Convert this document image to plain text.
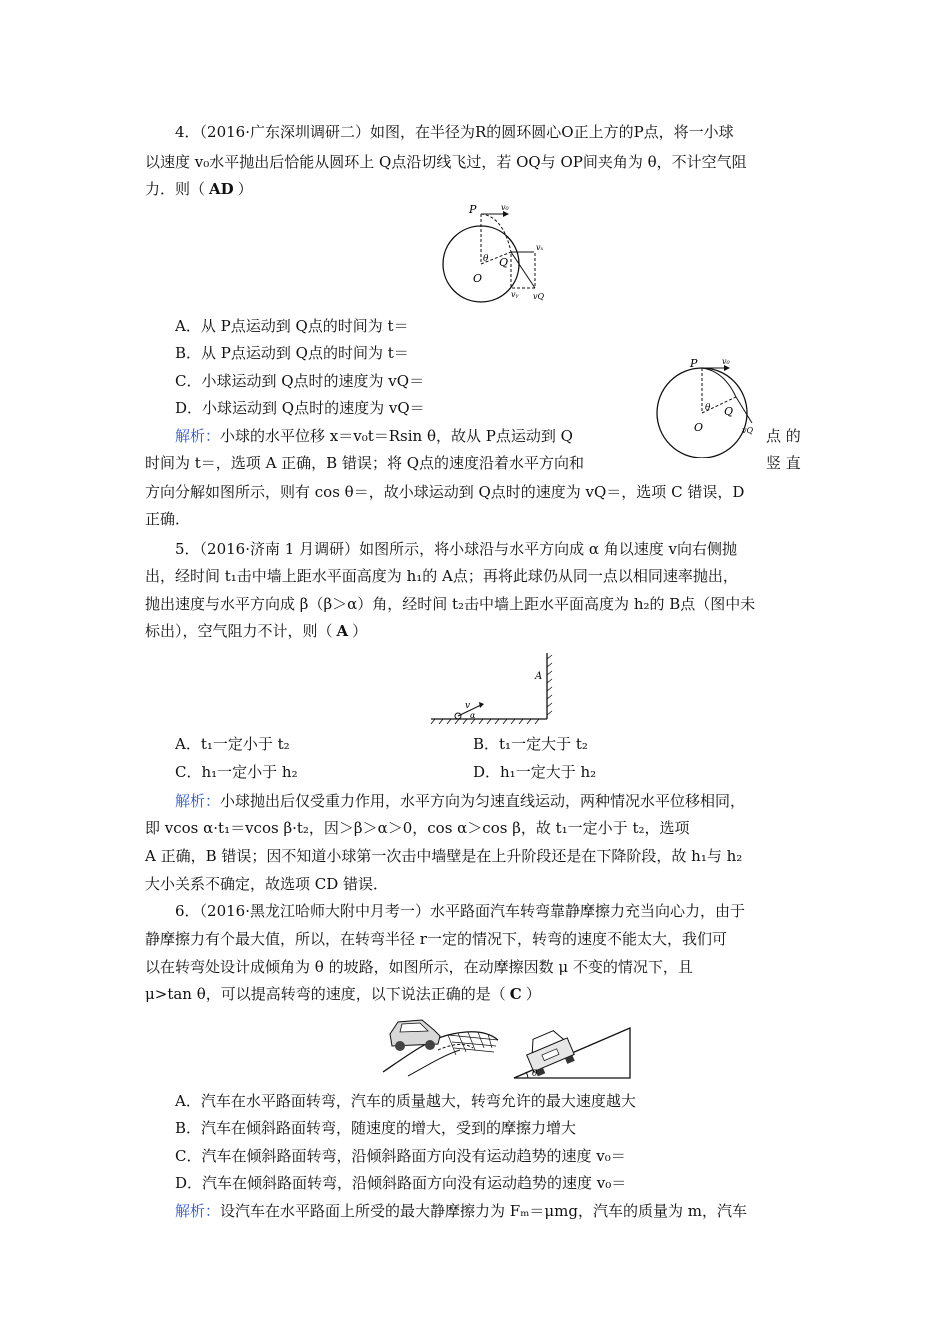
4．（2016·广东深圳调研二）如图，在半径为R的圆环圆心O正上方的P点，将一小球
以速度 v₀水平抛出后恰能从圆环上 Q点沿切线飞过，若 OQ与 OP间夹角为 θ，不计空气阻
力．则（ AD ）
P	v₀
vₓ
θ Q
O
vᵧ vQ
A．从 P点运动到 Q点的时间为 t＝
B．从 P点运动到 Q点的时间为 t＝
C．小球运动到 Q点时的速度为 vQ＝
D．小球运动到 Q点时的速度为 vQ＝
P	v₀
θ Q
O	vQ
解析：小球的水平位移 x＝v₀t＝Rsin θ，故从 P点运动到 Q	点 的
时间为 t＝，选项 A 正确，B 错误；将 Q点的速度沿着水平方向和	竖 直
方向分解如图所示，则有 cos θ＝，故小球运动到 Q点时的速度为 vQ＝，选项 C 错误，D
正确．
5．（2016·济南 1 月调研）如图所示，将小球沿与水平方向成 α 角以速度 v向右侧抛
出，经时间 t₁击中墙上距水平面高度为 h₁的 A点；再将此球仍从同一点以相同速率抛出，
抛出速度与水平方向成 β（β＞α）角，经时间 t₂击中墙上距水平面高度为 h₂的 B点（图中未
标出），空气阻力不计，则（ A ）
A
v
α
A．t₁一定小于 t₂	B．t₁一定大于 t₂
C．h₁一定小于 h₂	D．h₁一定大于 h₂
解析：小球抛出后仅受重力作用，水平方向为匀速直线运动，两种情况水平位移相同，
即 vcos α·t₁＝vcos β·t₂，因＞β＞α＞0，cos α＞cos β，故 t₁一定小于 t₂，选项
A 正确，B 错误；因不知道小球第一次击中墙壁是在上升阶段还是在下降阶段，故 h₁与 h₂
大小关系不确定，故选项 CD 错误．
6．（2016·黑龙江哈师大附中月考一）水平路面汽车转弯靠静摩擦力充当向心力，由于
静摩擦力有个最大值，所以，在转弯半径 r一定的情况下，转弯的速度不能太大，我们可
以在转弯处设计成倾角为 θ 的坡路，如图所示，在动摩擦因数 μ 不变的情况下，且
μ>tan θ，可以提高转弯的速度，以下说法正确的是（ C ）
θ
A．汽车在水平路面转弯，汽车的质量越大，转弯允许的最大速度越大
B．汽车在倾斜路面转弯，随速度的增大，受到的摩擦力增大
C．汽车在倾斜路面转弯，沿倾斜路面方向没有运动趋势的速度 v₀＝
D．汽车在倾斜路面转弯，沿倾斜路面方向没有运动趋势的速度 v₀＝
解析：设汽车在水平路面上所受的最大静摩擦力为 Fₘ＝μmg，汽车的质量为 m，汽车
